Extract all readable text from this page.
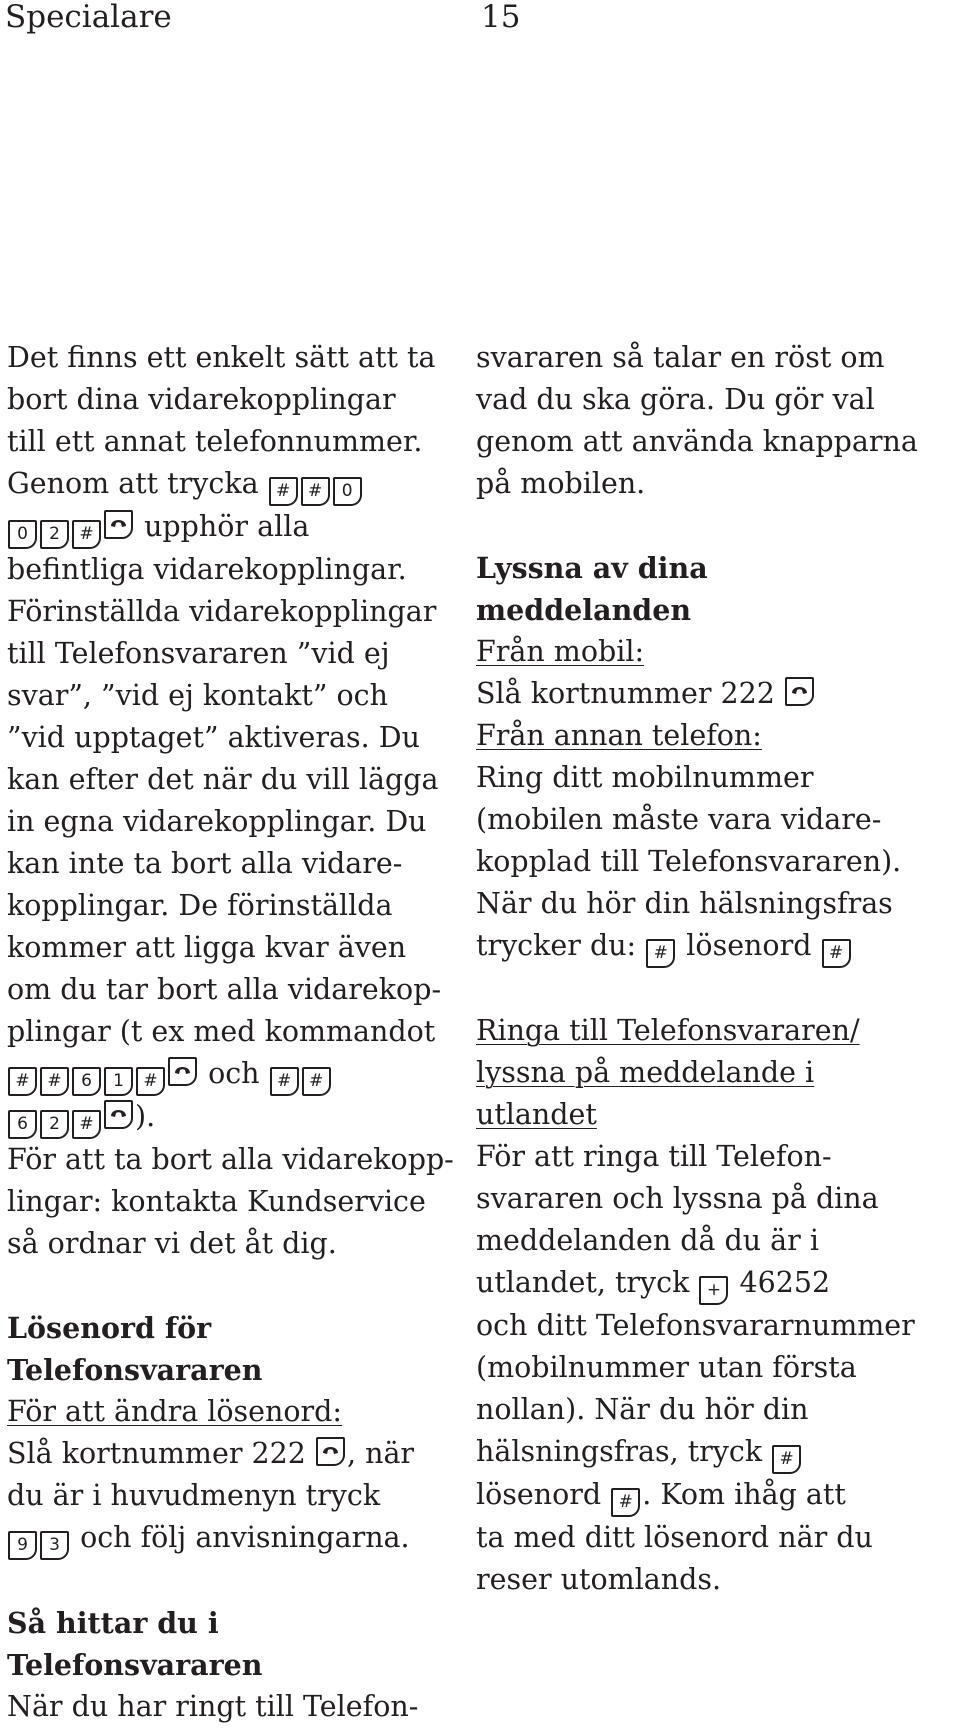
Specialare	15

Det finns ett enkelt sätt att ta

bort dina vidarekopplingar

till ett annat telefonnummer.

Genom att trycka # # 0

0 2 # upphör alla

befintliga vidarekopplingar.

Förinställda vidarekopplingar

till Telefonsvararen ”vid ej

svar”, ”vid ej kontakt” och

”vid upptaget” aktiveras. Du

kan efter det när du vill lägga

in egna vidarekopplingar. Du

kan inte ta bort alla vidare-

kopplingar. De förinställda

kommer att ligga kvar även

om du tar bort alla vidarekop-

plingar (t ex med kommandot

# # 6 1 # och # #

6 2 # ).

För att ta bort alla vidarekopp-

lingar: kontakta Kundservice

så ordnar vi det åt dig.

Lösenord för Telefonsvararen

För att ändra lösenord:

Slå kortnummer 222 , när

du är i huvudmenyn tryck

9 3 och följ anvisningarna.

Så hittar du i Telefonsvararen

När du har ringt till Telefon-

svararen så talar en röst om

vad du ska göra. Du gör val

genom att använda knapparna

på mobilen.

Lyssna av dina
meddelanden

Från mobil:

Slå kortnummer 222

Från annan telefon:

Ring ditt mobilnummer

(mobilen måste vara vidare-

kopplad till Telefonsvararen).

När du hör din hälsningsfras

trycker du: # lösenord #

Ringa till Telefonsvararen/

lyssna på meddelande i

utlandet

För att ringa till Telefon-

svararen och lyssna på dina

meddelanden då du är i

utlandet, tryck + 46252

och ditt Telefonsvararnummer

(mobilnummer utan första

nollan). När du hör din

hälsningsfras, tryck #

lösenord # . Kom ihåg att

ta med ditt lösenord när du

reser utomlands.
